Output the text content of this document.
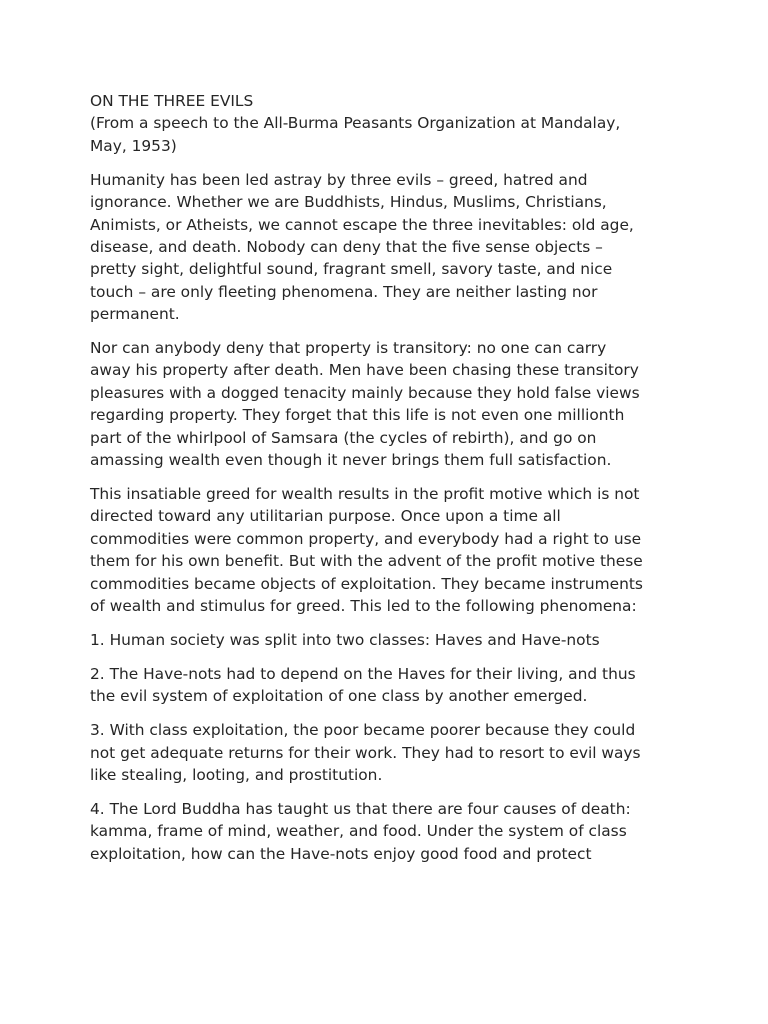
ON THE THREE EVILS
(From a speech to the All-Burma Peasants Organization at Mandalay,
May, 1953)

Humanity has been led astray by three evils – greed, hatred and
ignorance. Whether we are Buddhists, Hindus, Muslims, Christians,
Animists, or Atheists, we cannot escape the three inevitables: old age,
disease, and death. Nobody can deny that the five sense objects –
pretty sight, delightful sound, fragrant smell, savory taste, and nice
touch – are only fleeting phenomena. They are neither lasting nor
permanent.

Nor can anybody deny that property is transitory: no one can carry
away his property after death. Men have been chasing these transitory
pleasures with a dogged tenacity mainly because they hold false views
regarding property. They forget that this life is not even one millionth
part of the whirlpool of Samsara (the cycles of rebirth), and go on
amassing wealth even though it never brings them full satisfaction.

This insatiable greed for wealth results in the profit motive which is not
directed toward any utilitarian purpose. Once upon a time all
commodities were common property, and everybody had a right to use
them for his own benefit. But with the advent of the profit motive these
commodities became objects of exploitation. They became instruments
of wealth and stimulus for greed. This led to the following phenomena:

1. Human society was split into two classes: Haves and Have-nots

2. The Have-nots had to depend on the Haves for their living, and thus
the evil system of exploitation of one class by another emerged.

3. With class exploitation, the poor became poorer because they could
not get adequate returns for their work. They had to resort to evil ways
like stealing, looting, and prostitution.

4. The Lord Buddha has taught us that there are four causes of death:
kamma, frame of mind, weather, and food. Under the system of class
exploitation, how can the Have-nots enjoy good food and protect
